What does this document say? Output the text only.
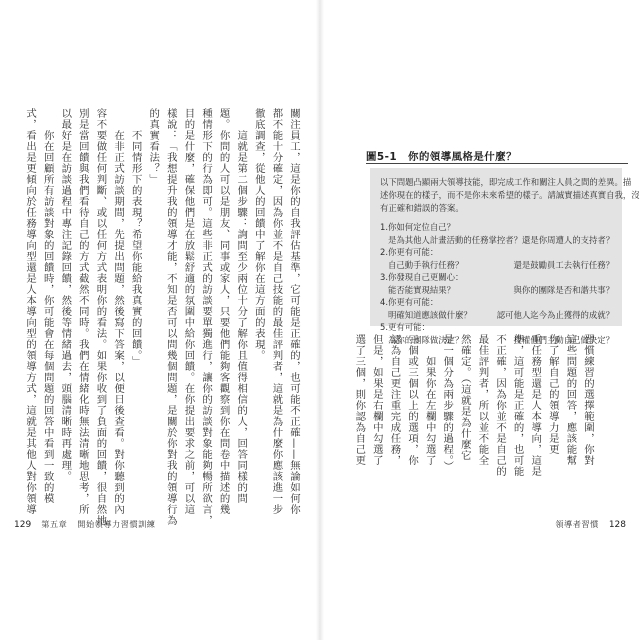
關注員工，這是你的自我評估基準，它可能是正確的，也可能不正確——無論如何你

都不能十分確定，因為你並不是自己技能的最佳評判者，這就是為什麼你應該進一步

徹底調查，從他人的回饋中了解你在這方面的表現。

　　這就是第二個步驟：詢問至少兩位十分了解你且值得相信的人，回答同樣的問

題。你問的人可以是朋友、同事或家人，只要他們能夠客觀察到你在問卷中描述的幾

種情形下的行為即可。這些非正式的訪談要單獨進行，讓你的訪談對象能夠暢所欲言，

目的是什麼，確保他們是在放鬆舒適的氛圍中給你回饋。在你提出要求之前，可以這

樣說：「我想提升我的領導才能，不知是否可以問幾個問題，是關於你對我的領導行為

的真實看法？」

　　不同情形下的表現？希望你能給我真實的回饋。」

　　在非正式訪談期間，先提出問題，然後寫下答案，以便日後查看。對你聽到的內

容不要做任何判斷、或以任何方式表明你的看法。如果你收到了負面的回饋，很自然地

別是當回饋與我們看待自己的方式截然不同時。我們在情緒化時無法清晰地思考，所

以最好是在訪談過程中專注記錄回饋，然後等情緒過去，頭腦清晰時再處理。

　　你在回顧所有訪談對象的回饋時，你可能會在每個問題的回答中看到一致的模

式，看出是更傾向於任務導向型還是人本導向型的領導方式，這就是其他人對你領導

129 第五章 開始領導力習慣訓練
圖5-1　你的領導風格是什麼？

以下問題凸顯兩大領導技能，即完成工作和關注人員之間的差異。描

述你現在的樣子，而不是你未來希望的樣子。請誠實描述真實自我，沒

有正確和錯誤的答案。

1.你如何定位自己？
是為其他人計畫活動的任務掌控者？ 還是你周遭人的支持者？
2.你更有可能：
自己動手執行任務？	還是鼓勵員工去執行任務？
3.你發現自己更關心：
能否能實現結果？	與你的團隊是否和諧共事？
4.你更有可能：
明確知道應該做什麼？	認可他人迄今為止獲得的成就？
5.更有可能：
為你的團隊做決定？	授權他們主動自己做決定？

習慣練習的選擇範圍，你對

這些問題的回答，應該能幫

你了解自己的領導力是更

重任務型還是人本導向，這是

準，這可能是正確的，也可能

不正確，因為你並不是自己的

最佳評判者，所以並不能全

然確定。（這就是為什麼它

是一個分為兩步驟的過程。）

　　如果你在左欄中勾選了

三個或三個以上的選項，你

認為自己更注重完成任務，

但是，如果是右欄中勾選了

選了三個，則你認為自己更

領導者習慣 128
